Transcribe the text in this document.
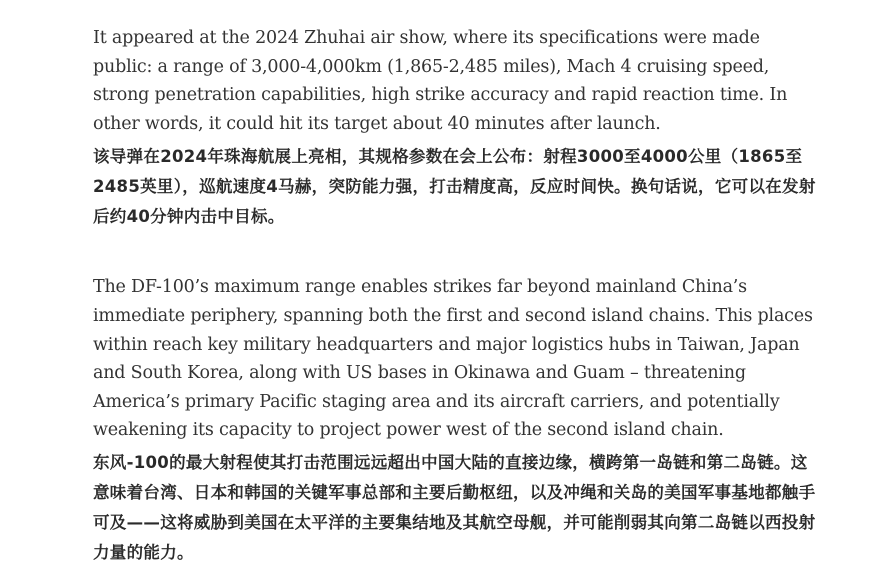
It appeared at the 2024 Zhuhai air show, where its specifications were made public: a range of 3,000-4,000km (1,865-2,485 miles), Mach 4 cruising speed, strong penetration capabilities, high strike accuracy and rapid reaction time. In other words, it could hit its target about 40 minutes after launch.

该导弹在2024年珠海航展上亮相，其规格参数在会上公布：射程3000至4000公里（1865至2485英里），巡航速度4马赫，突防能力强，打击精度高，反应时间快。换句话说，它可以在发射后约40分钟内击中目标。

The DF-100’s maximum range enables strikes far beyond mainland China’s immediate periphery, spanning both the first and second island chains. This places within reach key military headquarters and major logistics hubs in Taiwan, Japan and South Korea, along with US bases in Okinawa and Guam – threatening America’s primary Pacific staging area and its aircraft carriers, and potentially weakening its capacity to project power west of the second island chain.

东风-100的最大射程使其打击范围远远超出中国大陆的直接边缘，横跨第一岛链和第二岛链。这意味着台湾、日本和韩国的关键军事总部和主要后勤枢纽，以及冲绳和关岛的美国军事基地都触手可及——这将威胁到美国在太平洋的主要集结地及其航空母舰，并可能削弱其向第二岛链以西投射力量的能力。
